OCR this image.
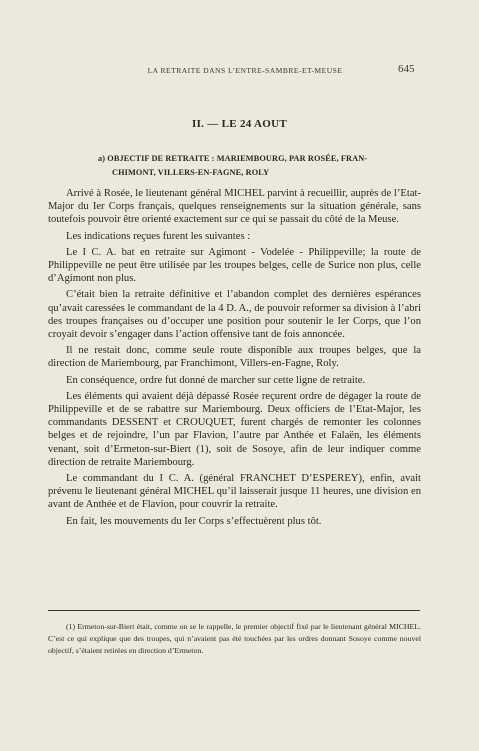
LA RETRAITE DANS L’ENTRE-SAMBRE-ET-MEUSE	645
II. — LE 24 AOUT
a) OBJECTIF DE RETRAITE : MARIEMBOURG, PAR ROSÉE, FRAN-
CHIMONT, VILLERS-EN-FAGNE, ROLY

Arrivé à Rosée, le lieutenant général MICHEL parvint à recueillir, auprès de l’Etat-Major du Ier Corps français, quelques renseignements sur la situation générale, sans toutefois pouvoir être orienté exactement sur ce qui se passait du côté de la Meuse.

Les indications reçues furent les suivantes :

Le I C. A. bat en retraite sur Agimont - Vodelée - Philippeville; la route de Philippeville ne peut être utilisée par les troupes belges, celle de Surice non plus, celle d’Agimont non plus.

C’était bien la retraite définitive et l’abandon complet des dernières espérances qu’avait caressées le commandant de la 4 D. A., de pouvoir reformer sa division à l’abri des troupes françaises ou d’occuper une position pour soutenir le Ier Corps, que l’on croyait devoir s’engager dans l’action offensive tant de fois annoncée.

Il ne restait donc, comme seule route disponible aux troupes belges, que la direction de Mariembourg, par Franchimont, Villers-en-Fagne, Roly.

En conséquence, ordre fut donné de marcher sur cette ligne de retraite.

Les éléments qui avaient déjà dépassé Rosée reçurent ordre de dégager la route de Philippeville et de se rabattre sur Mariembourg. Deux officiers de l’Etat-Major, les commandants DESSENT et CROUQUET, furent chargés de remonter les colonnes belges et de rejoindre, l’un par Flavion, l’autre par Anthée et Falaën, les éléments venant, soit d’Ermeton-sur-Biert (1), soit de Sosoye, afin de leur indiquer comme direction de retraite Mariembourg.

Le commandant du I C. A. (général FRANCHET D’ESPEREY), enfin, avait prévenu le lieutenant général MICHEL qu’il laisserait jusque 11 heures, une division en avant de Anthée et de Flavion, pour couvrir la retraite.

En fait, les mouvements du Ier Corps s’effectuèrent plus tôt.

(1) Ermeton-sur-Biert était, comme on se le rappelle, le premier objectif fixé par le lieutenant général MICHEL. C’est ce qui explique que des troupes, qui n’avaient pas été touchées par les ordres donnant Sosoye comme nouvel objectif, s’étaient retirées en direction d’Ermeton.
